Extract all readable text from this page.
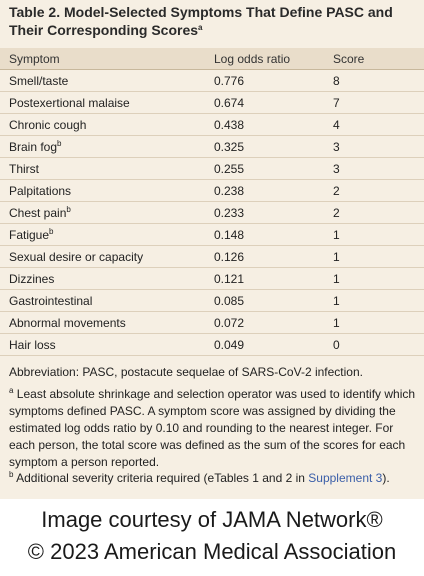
Table 2. Model-Selected Symptoms That Define PASC and Their Corresponding Scores$^a$
Symptom	Log odds ratio	Score
Smell/taste	0.776	8
Postexertional malaise	0.674	7
Chronic cough	0.438	4
Brain fog$^b$	0.325	3
Thirst	0.255	3
Palpitations	0.238	2
Chest pain$^b$	0.233	2
Fatigue$^b$	0.148	1
Sexual desire or capacity	0.126	1
Dizzines	0.121	1
Gastrointestinal	0.085	1
Abnormal movements	0.072	1
Hair loss	0.049	0
Abbreviation: PASC, postacute sequelae of SARS-CoV-2 infection.
$^a$ Least absolute shrinkage and selection operator was used to identify which symptoms defined PASC. A symptom score was assigned by dividing the estimated log odds ratio by 0.10 and rounding to the nearest integer. For each person, the total score was defined as the sum of the scores for each symptom a person reported.
$^b$ Additional severity criteria required (eTables 1 and 2 in Supplement 3).
Image courtesy of JAMA Network®
© 2023 American Medical Association
